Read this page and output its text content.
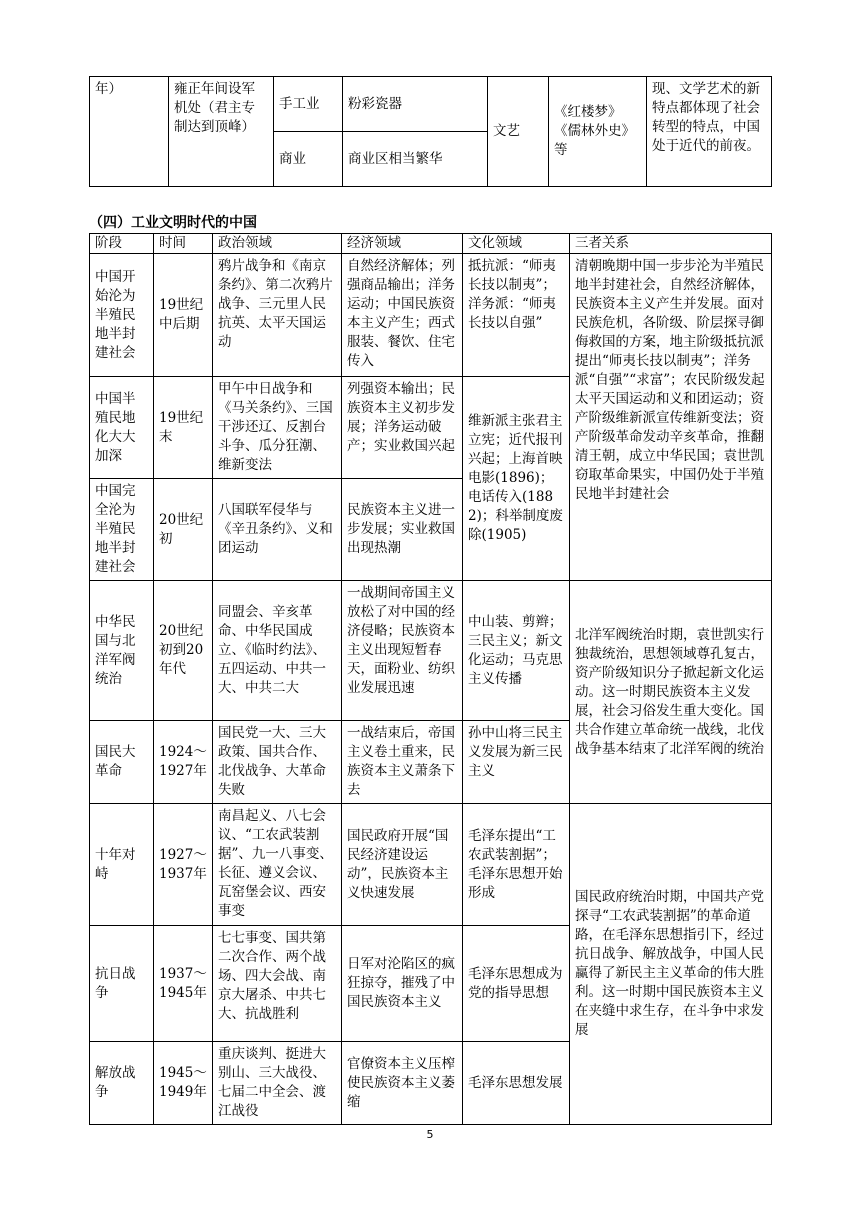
年）	雍正年间设军机处（君主专制达到顶峰）	手工业	粉彩瓷器	文艺	《红楼梦》《儒林外史》等	现、文学艺术的新特点都体现了社会转型的特点，中国处于近代的前夜。
		商业	商业区相当繁华			
（四）工业文明时代的中国
阶段	时间	政治领域	经济领域	文化领域	三者关系
中国开始沦为半殖民地半封建社会	19世纪中后期	鸦片战争和《南京条约》、第二次鸦片战争、三元里人民抗英、太平天国运动	自然经济解体；列强商品输出；洋务运动；中国民族资本主义产生；西式服装、餐饮、住宅传入	抵抗派：“师夷长技以制夷”；洋务派：“师夷长技以自强”	清朝晚期中国一步步沦为半殖民地半封建社会，自然经济解体，民族资本主义产生并发展。面对民族危机，各阶级、阶层探寻御侮救国的方案，地主阶级抵抗派提出“师夷长技以制夷”；洋务派“自强”“求富”；农民阶级发起太平天国运动和义和团运动；资产阶级维新派宣传维新变法；资产阶级革命发动辛亥革命，推翻清王朝，成立中华民国；袁世凯窃取革命果实，中国仍处于半殖民地半封建社会
中国半殖民地化大大加深	19世纪末	甲午中日战争和《马关条约》、三国干涉还辽、反割台斗争、瓜分狂潮、维新变法	列强资本输出；民族资本主义初步发展；洋务运动破产；实业救国兴起	维新派主张君主立宪；近代报刊兴起；上海首映电影(1896)；电话传入(1882)；科举制度废除(1905)	
中国完全沦为半殖民地半封建社会	20世纪初	八国联军侵华与《辛丑条约》、义和团运动	民族资本主义进一步发展；实业救国出现热潮		
中华民国与北洋军阀统治	20世纪初到20年代	同盟会、辛亥革命、中华民国成立、《临时约法》、五四运动、中共一大、中共二大	一战期间帝国主义放松了对中国的经济侵略；民族资本主义出现短暂春天，面粉业、纺织业发展迅速	中山装、剪辫；三民主义；新文化运动；马克思主义传播	北洋军阀统治时期，袁世凯实行独裁统治，思想领域尊孔复古，资产阶级知识分子掀起新文化运动。这一时期民族资本主义发展，社会习俗发生重大变化。国共合作建立革命统一战线，北伐战争基本结束了北洋军阀的统治
国民大革命	1924～1927年	国民党一大、三大政策、国共合作、北伐战争、大革命失败	一战结束后，帝国主义卷土重来，民族资本主义萧条下去	孙中山将三民主义发展为新三民主义	
十年对峙	1927～1937年	南昌起义、八七会议、“工农武装割据”、九一八事变、长征、遵义会议、瓦窑堡会议、西安事变	国民政府开展“国民经济建设运动”，民族资本主义快速发展	毛泽东提出“工农武装割据”；毛泽东思想开始形成	国民政府统治时期，中国共产党探寻“工农武装割据”的革命道路，在毛泽东思想指引下，经过抗日战争、解放战争，中国人民赢得了新民主主义革命的伟大胜利。这一时期中国民族资本主义在夹缝中求生存，在斗争中求发展
抗日战争	1937～1945年	七七事变、国共第二次合作、两个战场、四大会战、南京大屠杀、中共七大、抗战胜利	日军对沦陷区的疯狂掠夺，摧残了中国民族资本主义	毛泽东思想成为党的指导思想	
解放战争	1945～1949年	重庆谈判、挺进大别山、三大战役、七届二中全会、渡江战役	官僚资本主义压榨使民族资本主义萎缩	毛泽东思想发展	
5
